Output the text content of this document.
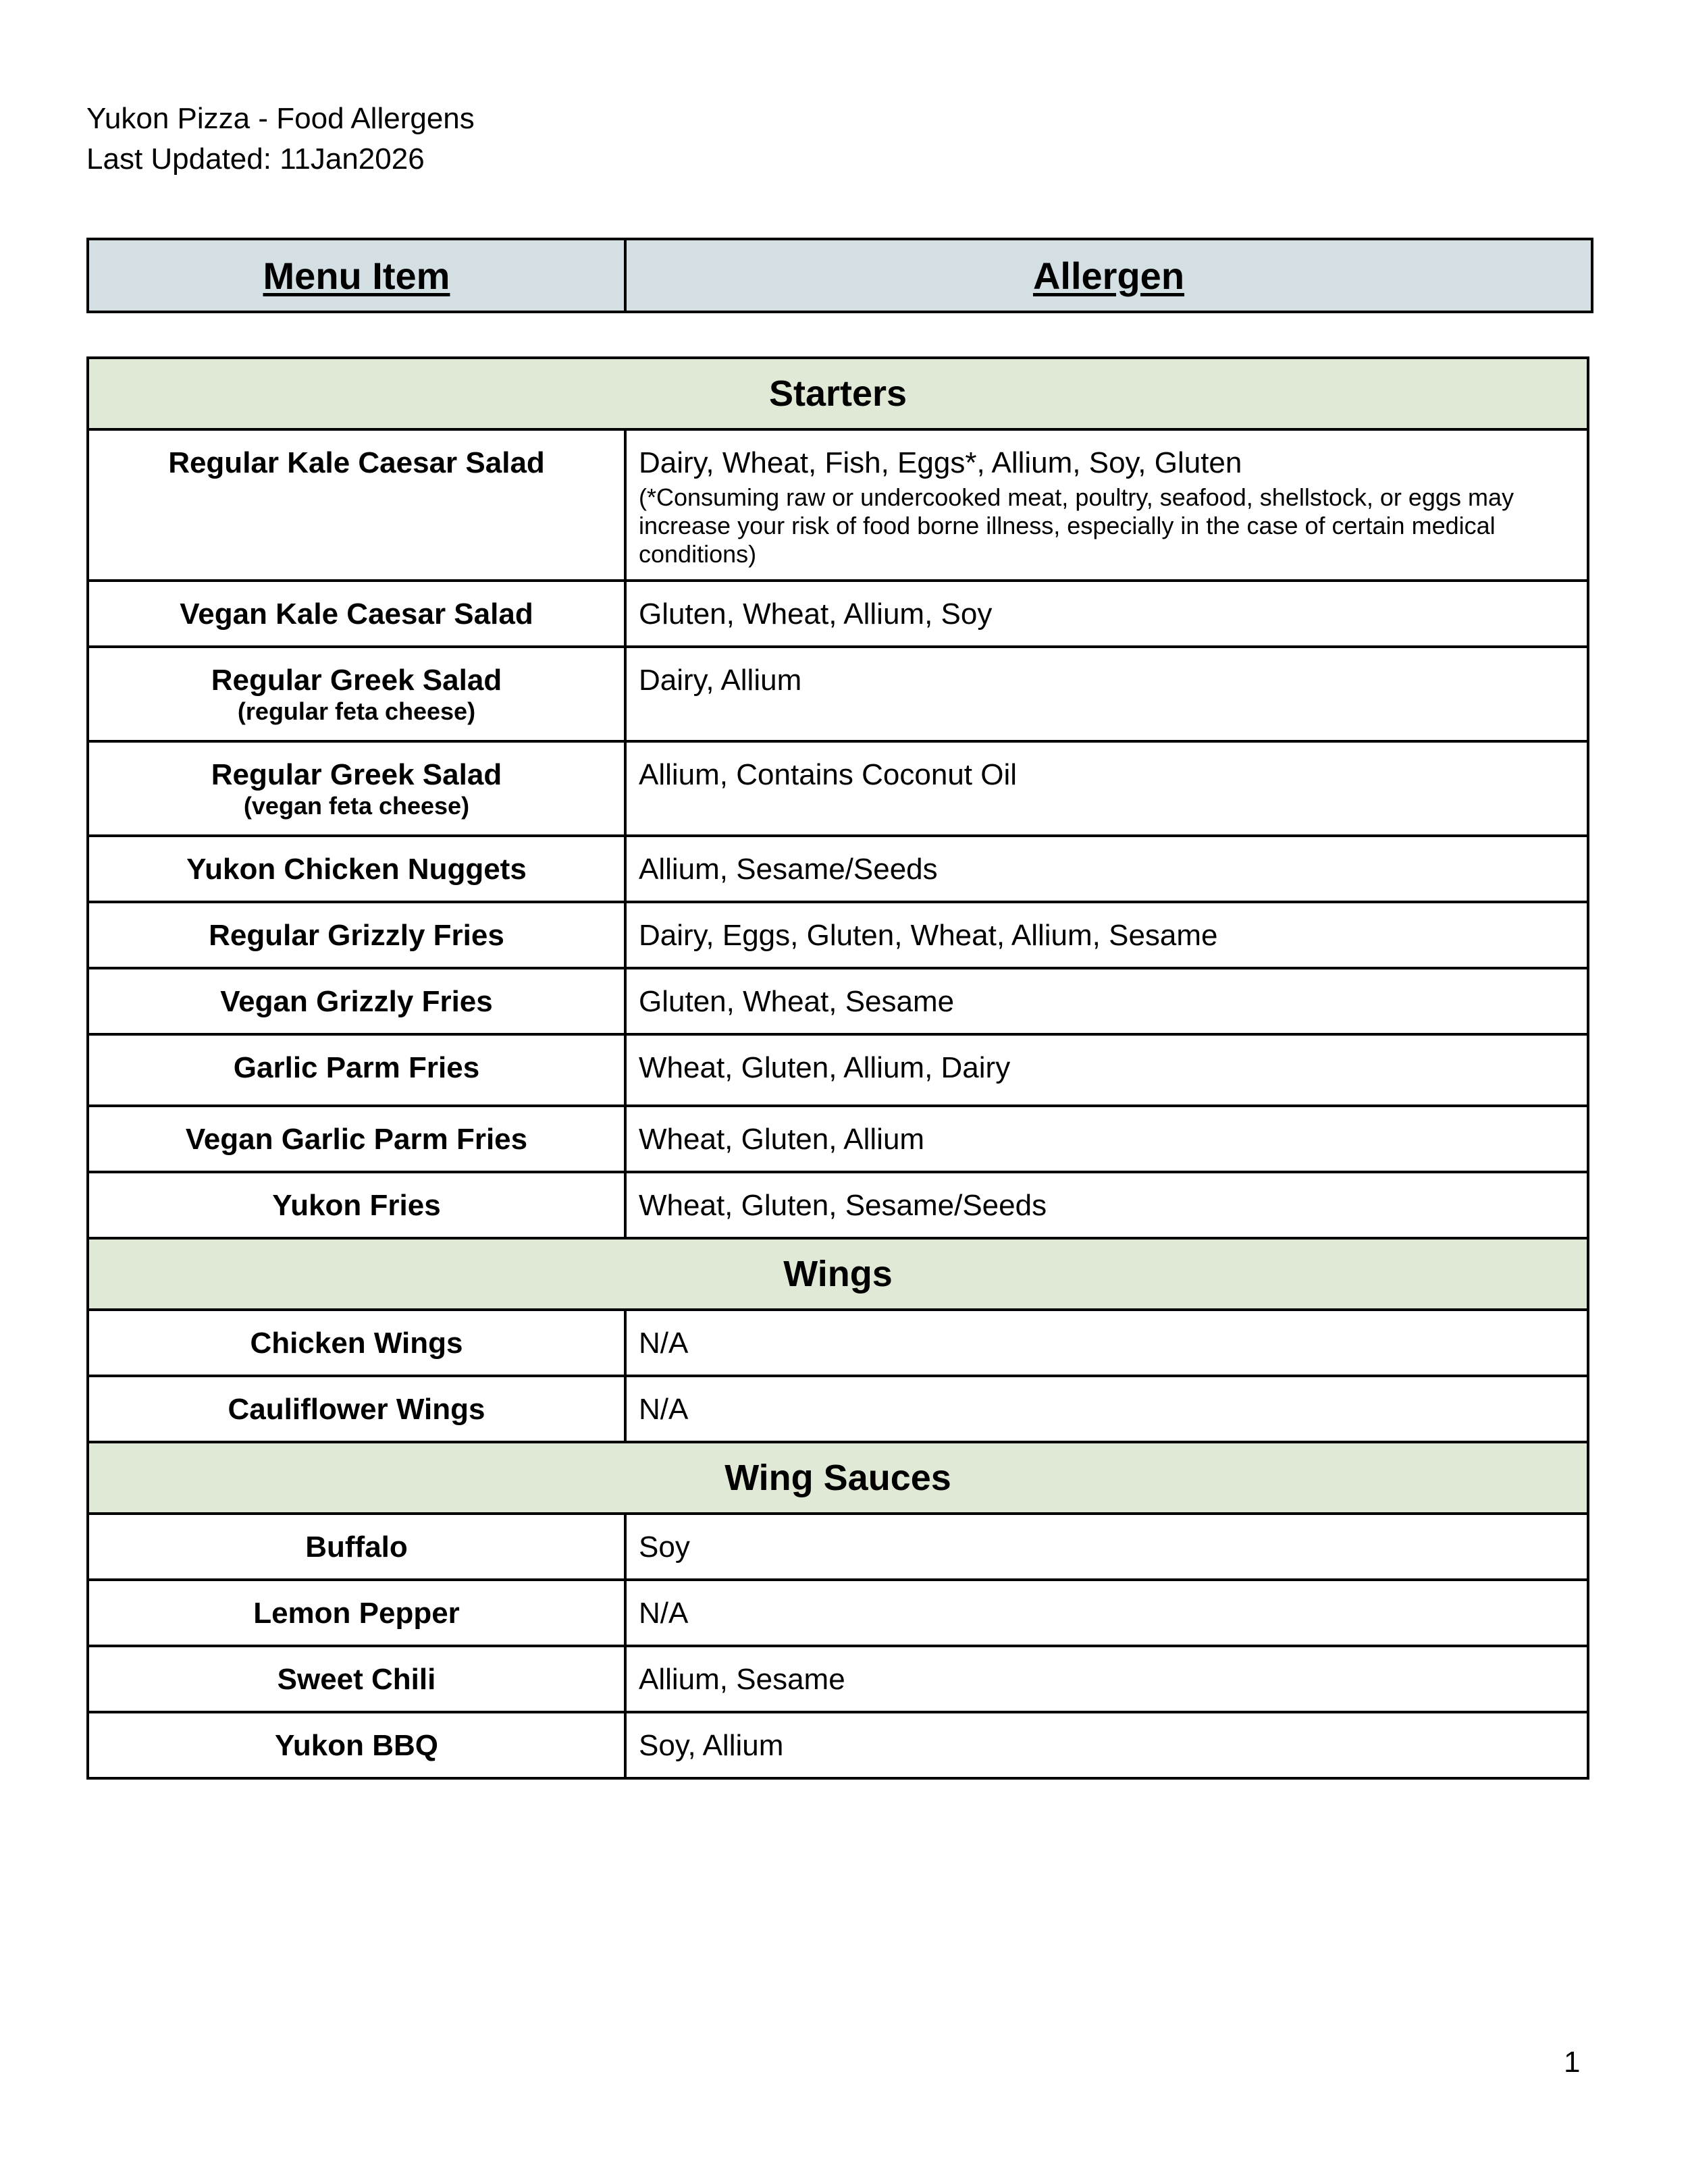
Yukon Pizza - Food Allergens
Last Updated: 11Jan2026
Menu Item	Allergen
Starters	
Regular Kale Caesar Salad	Dairy, Wheat, Fish, Eggs*, Allium, Soy, Gluten
(*Consuming raw or undercooked meat, poultry, seafood, shellstock, or eggs may increase your risk of food borne illness, especially in the case of certain medical conditions)

Vegan Kale Caesar Salad	Gluten, Wheat, Allium, Soy
Regular Greek Salad
(regular feta cheese)	Dairy, Allium
Regular Greek Salad
(vegan feta cheese)	Allium, Contains Coconut Oil
Yukon Chicken Nuggets	Allium, Sesame/Seeds
Regular Grizzly Fries	Dairy, Eggs, Gluten, Wheat, Allium, Sesame
Vegan Grizzly Fries	Gluten, Wheat, Sesame
Garlic Parm Fries	Wheat, Gluten, Allium, Dairy
Vegan Garlic Parm Fries	Wheat, Gluten, Allium
Yukon Fries	Wheat, Gluten, Sesame/Seeds
Wings	
Chicken Wings	N/A
Cauliflower Wings	N/A
Wing Sauces	
Buffalo	Soy
Lemon Pepper	N/A
Sweet Chili	Allium, Sesame
Yukon BBQ	Soy, Allium
1
